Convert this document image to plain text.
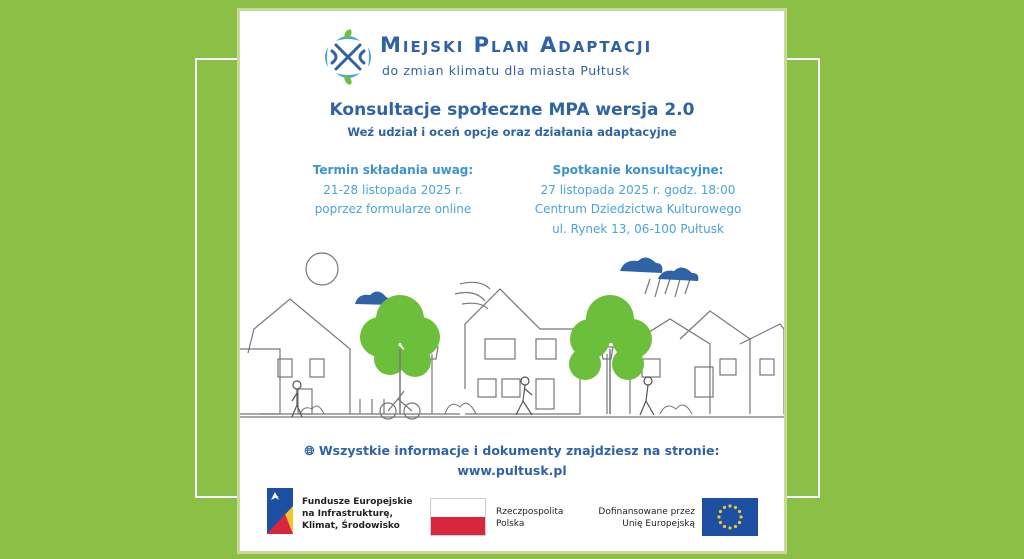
Miejski Plan Adaptacji
do zmian klimatu dla miasta Pułtusk
Konsultacje społeczne MPA wersja 2.0
Weź udział i oceń opcje oraz działania adaptacyjne
Termin składania uwag:
21-28 listopada 2025 r.
poprzez formularze online
Spotkanie konsultacyjne:
27 listopada 2025 r. godz. 18:00
Centrum Dziedzictwa Kulturowego
ul. Rynek 13, 06-100 Pułtusk
🌐︎ Wszystkie informacje i dokumenty znajdziesz na stronie:
www.pultusk.pl
Fundusze Europejskie
na Infrastrukturę,
Klimat, Środowisko
Rzeczpospolita
Polska
Dofinansowane przez
Unię Europejską
